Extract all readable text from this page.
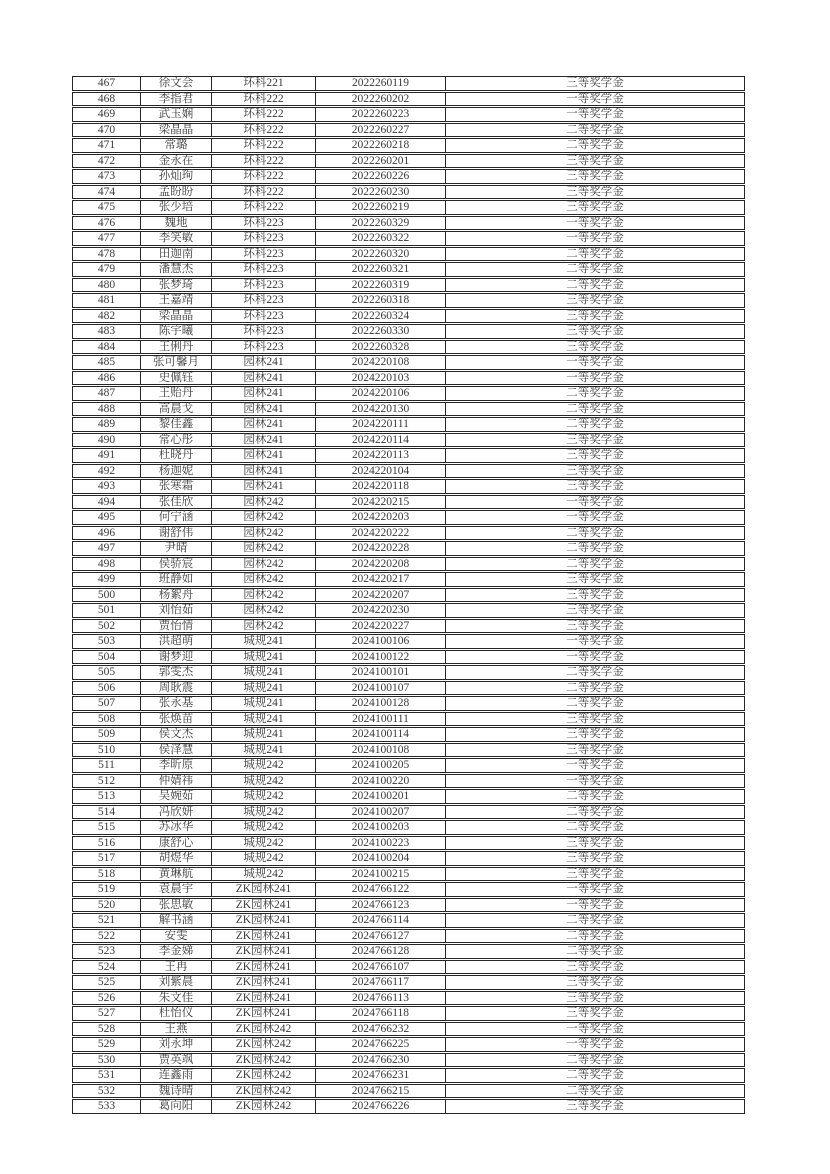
467	徐文会	环科221	2022260119	三等奖学金
468	李指君	环科222	2022260202	一等奖学金
469	武玉娴	环科222	2022260223	一等奖学金
470	梁晶晶	环科222	2022260227	二等奖学金
471	常璐	环科222	2022260218	二等奖学金
472	金永在	环科222	2022260201	三等奖学金
473	孙灿珣	环科222	2022260226	三等奖学金
474	孟盼盼	环科222	2022260230	三等奖学金
475	张少培	环科222	2022260219	三等奖学金
476	魏地	环科223	2022260329	一等奖学金
477	李笑敏	环科223	2022260322	一等奖学金
478	田迦南	环科223	2022260320	二等奖学金
479	潘慧杰	环科223	2022260321	二等奖学金
480	张梦琦	环科223	2022260319	二等奖学金
481	王嘉靖	环科223	2022260318	三等奖学金
482	梁晶晶	环科223	2022260324	三等奖学金
483	陈宇曦	环科223	2022260330	三等奖学金
484	王俐丹	环科223	2022260328	三等奖学金
485	张可馨月	园林241	2024220108	一等奖学金
486	史佩钰	园林241	2024220103	一等奖学金
487	王贻丹	园林241	2024220106	二等奖学金
488	高晨戈	园林241	2024220130	二等奖学金
489	黎佳鑫	园林241	2024220111	二等奖学金
490	常心彤	园林241	2024220114	三等奖学金
491	杜晓丹	园林241	2024220113	三等奖学金
492	杨迦妮	园林241	2024220104	三等奖学金
493	张寒霜	园林241	2024220118	三等奖学金
494	张佳欣	园林242	2024220215	一等奖学金
495	何宁涵	园林242	2024220203	一等奖学金
496	谢舒伟	园林242	2024220222	二等奖学金
497	尹晴	园林242	2024220228	二等奖学金
498	侯骄宸	园林242	2024220208	二等奖学金
499	班静如	园林242	2024220217	三等奖学金
500	杨絮舟	园林242	2024220207	三等奖学金
501	刘怡茹	园林242	2024220230	三等奖学金
502	贾怡情	园林242	2024220227	三等奖学金
503	洪超萌	城规241	2024100106	一等奖学金
504	谢梦迎	城规241	2024100122	一等奖学金
505	郭雯杰	城规241	2024100101	二等奖学金
506	周耿震	城规241	2024100107	二等奖学金
507	张永基	城规241	2024100128	二等奖学金
508	张焕苗	城规241	2024100111	三等奖学金
509	侯文杰	城规241	2024100114	三等奖学金
510	侯泽慧	城规241	2024100108	三等奖学金
511	李昕原	城规242	2024100205	一等奖学金
512	仲婧祎	城规242	2024100220	一等奖学金
513	吴婉茹	城规242	2024100201	二等奖学金
514	冯欣妍	城规242	2024100207	二等奖学金
515	苏冰华	城规242	2024100203	二等奖学金
516	康舒心	城规242	2024100223	三等奖学金
517	胡煜华	城规242	2024100204	三等奖学金
518	黄琳航	城规242	2024100215	三等奖学金
519	袁晨宇	ZK园林241	2024766122	一等奖学金
520	张思敏	ZK园林241	2024766123	一等奖学金
521	解书涵	ZK园林241	2024766114	二等奖学金
522	安雯	ZK园林241	2024766127	二等奖学金
523	李金娣	ZK园林241	2024766128	二等奖学金
524	王冉	ZK园林241	2024766107	三等奖学金
525	刘紫晨	ZK园林241	2024766117	三等奖学金
526	朱文佳	ZK园林241	2024766113	三等奖学金
527	杜怡仪	ZK园林241	2024766118	三等奖学金
528	王燕	ZK园林242	2024766232	一等奖学金
529	刘永坤	ZK园林242	2024766225	一等奖学金
530	贾英飒	ZK园林242	2024766230	二等奖学金
531	连鑫雨	ZK园林242	2024766231	二等奖学金
532	魏诗晴	ZK园林242	2024766215	二等奖学金
533	葛向阳	ZK园林242	2024766226	三等奖学金
